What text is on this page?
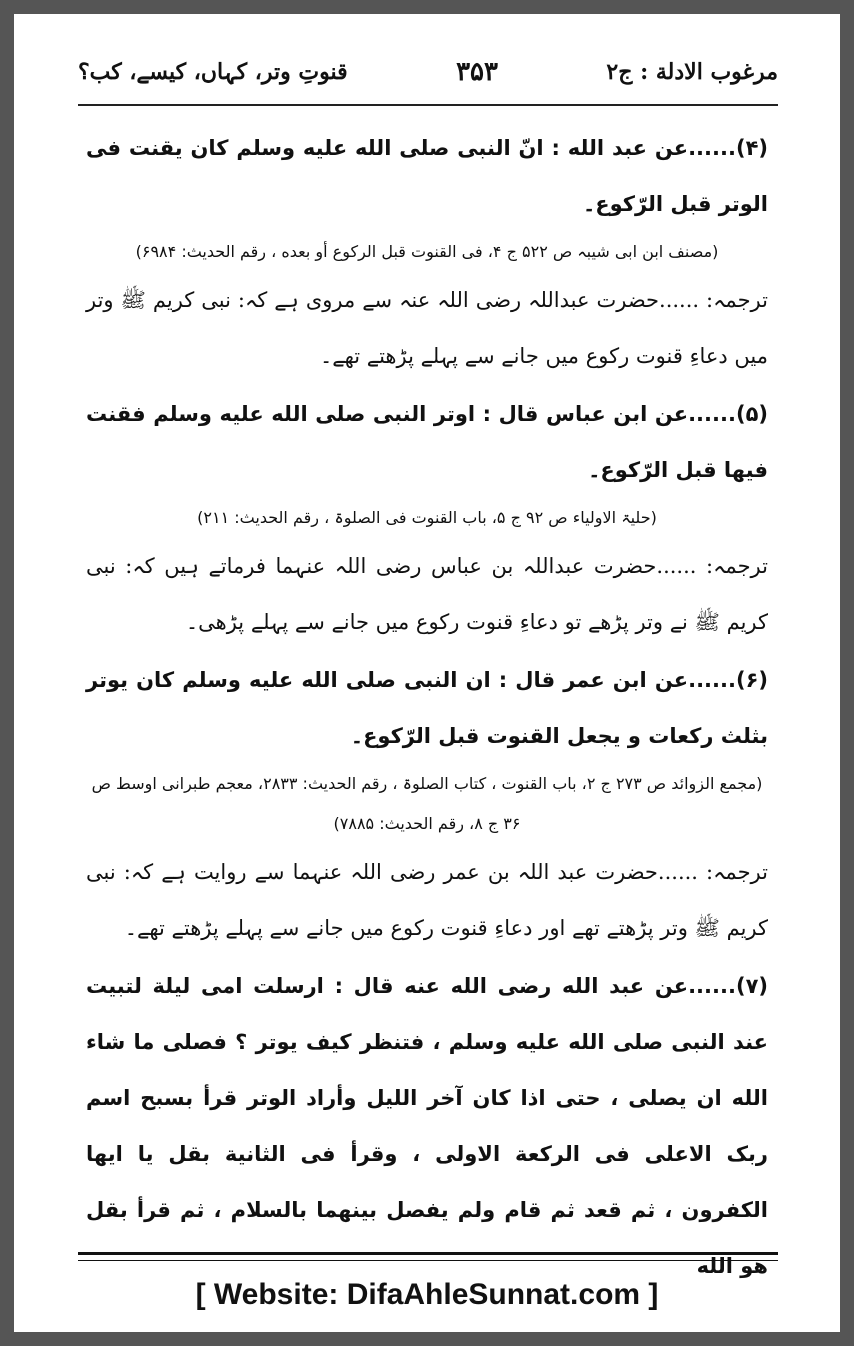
قنوتِ وتر، کہاں، کیسے، کب؟	۳۵۳	مرغوب الادلة : ج۲

(۴)......عن عبد الله : انّ النبی صلی الله علیه وسلم کان یقنت فی الوتر قبل الرّکوع۔

(مصنف ابن ابی شیبہ ص ۵۲۲ ج ۴، فی القنوت قبل الرکوع أو بعده ، رقم الحدیث: ۶۹۸۴)

ترجمہ: ......حضرت عبداللہ رضی اللہ عنہ سے مروی ہے کہ: نبی کریم ﷺ وتر میں دعاءِ قنوت رکوع میں جانے سے پہلے پڑھتے تھے۔

(۵)......عن ابن عباس قال : اوتر النبی صلی الله علیه وسلم فقنت فیها قبل الرّکوع۔

(حلیۃ الاولیاء ص ۹۲ ج ۵، باب القنوت فی الصلوۃ ، رقم الحدیث: ۲۱۱)

ترجمہ: ......حضرت عبداللہ بن عباس رضی اللہ عنہما فرماتے ہیں کہ: نبی کریم ﷺ نے وتر پڑھے تو دعاءِ قنوت رکوع میں جانے سے پہلے پڑھی۔

(۶)......عن ابن عمر قال : ان النبی صلی الله علیه وسلم کان یوتر بثلث رکعات و یجعل القنوت قبل الرّکوع۔

(مجمع الزوائد ص ۲۷۳ ج ۲، باب القنوت ، کتاب الصلوۃ ، رقم الحدیث: ۲۸۳۳، معجم طبرانی اوسط ص ۳۶ ج ۸، رقم الحدیث: ۷۸۸۵)

ترجمہ: ......حضرت عبد اللہ بن عمر رضی اللہ عنہما سے روایت ہے کہ: نبی کریم ﷺ وتر پڑھتے تھے اور دعاءِ قنوت رکوع میں جانے سے پہلے پڑھتے تھے۔

(۷)......عن عبد الله رضی الله عنه قال : ارسلت امی لیلة لتبیت عند النبی صلی الله علیه وسلم ، فتنظر کیف یوتر ؟ فصلی ما شاء الله ان یصلی ، حتی اذا کان آخر اللیل وأراد الوتر قرأ بسبح اسم ربک الاعلی فی الرکعة الاولی ، وقرأ فی الثانیة بقل یا ایها الکفرون ، ثم قعد ثم قام ولم یفصل بینهما بالسلام ، ثم قرأ بقل هو الله

[ Website: DifaAhleSunnat.com ]
